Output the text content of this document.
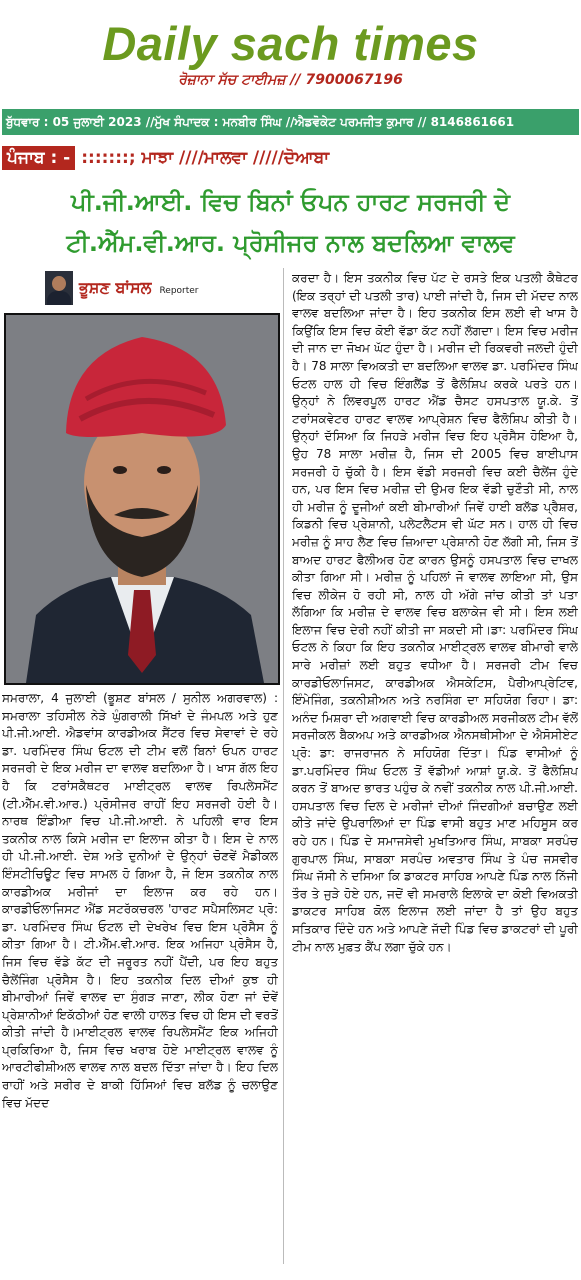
Daily sach times
ਰੋਜ਼ਾਨਾ ਸੱਚ ਟਾਈਮਜ਼ // 7900067196
ਬੁੱਧਵਾਰ : 05 ਜੁਲਾਈ 2023 //ਮੁੱਖ ਸੰਪਾਦਕ : ਮਨਬੀਰ ਸਿੰਘ //ਐਡਵੋਕੇਟ ਪਰਮਜੀਤ ਕੁਮਾਰ // 8146861661
ਪੰਜਾਬ : - :::::::; ਮਾਝਾ ////ਮਾਲਵਾ /////ਦੋਆਬਾ
ਪੀ.ਜੀ.ਆਈ. ਵਿਚ ਬਿਨਾਂ ਓਪਨ ਹਾਰਟ ਸਰਜਰੀ ਦੇ
ਟੀ.ਐੱਮ.ਵੀ.ਆਰ. ਪ੍ਰੋਸੀਜਰ ਨਾਲ ਬਦਲਿਆ ਵਾਲਵ
ਭੂਸ਼ਣ ਬਾਂਸਲ Reporter
ਸਮਰਾਲਾ, 4 ਜੁਲਾਈ (ਭੂਸ਼ਣ ਬਾਂਸਲ / ਸੁਨੀਲ ਅਗਰਵਾਲ) : ਸਮਰਾਲਾ ਤਹਿਸੀਲ ਨੇੜੇ ਘੁੰਗਰਾਲੀ ਸਿੱਖਾਂ ਦੇ ਜੰਮਪਲ ਅਤੇ ਹੁਣ ਪੀ.ਜੀ.ਆਈ. ਐਡਵਾਂਸ ਕਾਰਡੀਅਕ ਸੈਂਟਰ ਵਿਚ ਸੇਵਾਵਾਂ ਦੇ ਰਹੇ ਡਾ. ਪਰਮਿੰਦਰ ਸਿੰਘ ਓਟਲ ਦੀ ਟੀਮ ਵਲੋਂ ਬਿਨਾਂ ਓਪਨ ਹਾਰਟ ਸਰਜਰੀ ਦੇ ਇਕ ਮਰੀਜ ਦਾ ਵਾਲਵ ਬਦਲਿਆ ਹੈ। ਖਾਸ ਗੱਲ ਇਹ ਹੈ ਕਿ ਟਰਾਂਸਕੈਥਟਰ ਮਾਈਟ੍ਰਲ ਵਾਲਵ ਰਿਪਲੇਸਮੈਂਟ (ਟੀ.ਐੱਮ.ਵੀ.ਆਰ.) ਪ੍ਰੋਸੀਜਰ ਰਾਹੀਂ ਇਹ ਸਰਜਰੀ ਹੋਈ ਹੈ। ਨਾਰਥ ਇੰਡੀਆ ਵਿਚ ਪੀ.ਜੀ.ਆਈ. ਨੇ ਪਹਿਲੀ ਵਾਰ ਇਸ ਤਕਨੀਕ ਨਾਲ ਕਿਸੇ ਮਰੀਜ ਦਾ ਇਲਾਜ ਕੀਤਾ ਹੈ। ਇਸ ਦੇ ਨਾਲ ਹੀ ਪੀ.ਜੀ.ਆਈ. ਦੇਸ਼ ਅਤੇ ਦੁਨੀਆਂ ਦੇ ਉਨ੍ਹਾਂ ਚੋਣਵੇਂ ਮੈਡੀਕਲ ਇੰਸਟੀਚਿਊਟ ਵਿਚ ਸਾਮਲ ਹੋ ਗਿਆ ਹੈ, ਜੋ ਇਸ ਤਕਨੀਕ ਨਾਲ ਕਾਰਡੀਅਕ ਮਰੀਜਾਂ ਦਾ ਇਲਾਜ ਕਰ ਰਹੇ ਹਨ। ਕਾਰਡੀਓਲਾਜਿਸਟ ਐਂਡ ਸਟਰੱਕਚਰਲ 'ਹਾਰਟ ਸਪੈਸਲਿਸਟ ਪ੍ਰੋ: ਡਾ. ਪਰਮਿੰਦਰ ਸਿੰਘ ਓਟਲ ਦੀ ਦੇਖਰੇਖ ਵਿਚ ਇਸ ਪ੍ਰੋਸੈਸ ਨੂੰ ਕੀਤਾ ਗਿਆ ਹੈ। ਟੀ.ਐੱਮ.ਵੀ.ਆਰ. ਇਕ ਅਜਿਹਾ ਪ੍ਰੋਸੈਸ ਹੈ, ਜਿਸ ਵਿਚ ਵੱਡੇ ਕੱਟ ਦੀ ਜਰੂਰਤ ਨਹੀਂ ਪੈਂਦੀ, ਪਰ ਇਹ ਬਹੁਤ ਚੈਲੇਂਜਿੰਗ ਪ੍ਰੋਸੈਸ ਹੈ। ਇਹ ਤਕਨੀਕ ਦਿਲ ਦੀਆਂ ਕੁਝ ਹੀ ਬੀਮਾਰੀਆਂ ਜਿਵੇਂ ਵਾਲਵ ਦਾ ਸੁੰਗੜ ਜਾਣਾ, ਲੀਕ ਹੋਣਾ ਜਾਂ ਦੋਵੇਂ ਪ੍ਰੇਸ਼ਾਨੀਆਂ ਇਕੱਠੀਆਂ ਹੋਣ ਵਾਲੀ ਹਾਲਤ ਵਿਚ ਹੀ ਇਸ ਦੀ ਵਰਤੋਂ ਕੀਤੀ ਜਾਂਦੀ ਹੈ।ਮਾਈਟ੍ਰਲ ਵਾਲਵ ਰਿਪਲੇਸਮੈਂਟ ਇਕ ਅਜਿਹੀ ਪ੍ਰਕਿਰਿਆ ਹੈ, ਜਿਸ ਵਿਚ ਖਰਾਬ ਹੋਏ ਮਾਈਟ੍ਰਲ ਵਾਲਵ ਨੂੰ ਆਰਟੀਫੀਸ਼ੀਅਲ ਵਾਲਵ ਨਾਲ ਬਦਲ ਦਿੱਤਾ ਜਾਂਦਾ ਹੈ। ਇਹ ਦਿਲ ਰਾਹੀਂ ਅਤੇ ਸਰੀਰ ਦੇ ਬਾਕੀ ਹਿੱਸਿਆਂ ਵਿਚ ਬਲੱਡ ਨੂੰ ਚਲਾਉਣ ਵਿਚ ਮੱਦਦ
ਕਰਦਾ ਹੈ। ਇਸ ਤਕਨੀਕ ਵਿਚ ਪੱਟ ਦੇ ਰਸਤੇ ਇਕ ਪਤਲੀ ਕੈਥੇਟਰ (ਇਕ ਤਰ੍ਹਾਂ ਦੀ ਪਤਲੀ ਤਾਰ) ਪਾਈ ਜਾਂਦੀ ਹੈ, ਜਿਸ ਦੀ ਮੱਦਦ ਨਾਲ ਵਾਲਵ ਬਦਲਿਆ ਜਾਂਦਾ ਹੈ। ਇਹ ਤਕਨੀਕ ਇਸ ਲਈ ਵੀ ਖਾਸ ਹੈ ਕਿਉਂਕਿ ਇਸ ਵਿਚ ਕੋਈ ਵੱਡਾ ਕੱਟ ਨਹੀਂ ਲੱਗਦਾ। ਇਸ ਵਿਚ ਮਰੀਜ ਦੀ ਜਾਨ ਦਾ ਜੋਖਮ ਘੱਟ ਹੁੰਦਾ ਹੈ। ਮਰੀਜ ਦੀ ਰਿਕਵਰੀ ਜਲਦੀ ਹੁੰਦੀ ਹੈ। 78 ਸਾਲਾ ਵਿਅਕਤੀ ਦਾ ਬਦਲਿਆ ਵਾਲਵ ਡਾ. ਪਰਮਿੰਦਰ ਸਿੰਘ ਓਟਲ ਹਾਲ ਹੀ ਵਿਚ ਇੰਗਲੈਂਡ ਤੋਂ ਫੈਲੋਸ਼ਿਪ ਕਰਕੇ ਪਰਤੇ ਹਨ। ਉਨ੍ਹਾਂ ਨੇ ਲਿਵਰਪੂਲ ਹਾਰਟ ਐਂਡ ਚੈਸਟ ਹਸਪਤਾਲ ਯੂ.ਕੇ. ਤੋਂ ਟਰਾਂਸਕਵੇਟਰ ਹਾਰਟ ਵਾਲਵ ਆਪ੍ਰੇਸ਼ਨ ਵਿਚ ਫੈਲੋਸ਼ਿਪ ਕੀਤੀ ਹੈ। ਉਨ੍ਹਾਂ ਦੱਸਿਆ ਕਿ ਜਿਹੜੇ ਮਰੀਜ ਵਿਚ ਇਹ ਪ੍ਰੋਸੈਸ ਹੋਇਆ ਹੈ, ਉਹ 78 ਸਾਲਾ ਮਰੀਜ਼ ਹੈ, ਜਿਸ ਦੀ 2005 ਵਿਚ ਬਾਈਪਾਸ ਸਰਜਰੀ ਹੋ ਚੁੱਕੀ ਹੈ। ਇਸ ਵੱਡੀ ਸਰਜਰੀ ਵਿਚ ਕਈ ਚੈਲੇਂਜ ਹੁੰਦੇ ਹਨ, ਪਰ ਇਸ ਵਿਚ ਮਰੀਜ਼ ਦੀ ਉਮਰ ਇਕ ਵੱਡੀ ਚੁਣੌਤੀ ਸੀ, ਨਾਲ ਹੀ ਮਰੀਜ਼ ਨੂੰ ਦੂਜੀਆਂ ਕਈ ਬੀਮਾਰੀਆਂ ਜਿਵੇਂ ਹਾਈ ਬਲੱਡ ਪ੍ਰੈਸ਼ਰ, ਕਿਡਨੀ ਵਿਚ ਪ੍ਰੇਸ਼ਾਨੀ, ਪਲੇਟਲੈਟਸ ਵੀ ਘੱਟ ਸਨ। ਹਾਲ ਹੀ ਵਿਚ ਮਰੀਜ਼ ਨੂੰ ਸਾਹ ਲੈਣ ਵਿਚ ਜ਼ਿਆਦਾ ਪ੍ਰੇਸ਼ਾਨੀ ਹੋਣ ਲੱਗੀ ਸੀ, ਜਿਸ ਤੋਂ ਬਾਅਦ ਹਾਰਟ ਫੈਲੀਅਰ ਹੋਣ ਕਾਰਨ ਉਸਨੂੰ ਹਸਪਤਾਲ ਵਿਚ ਦਾਖਲ ਕੀਤਾ ਗਿਆ ਸੀ। ਮਰੀਜ਼ ਨੂੰ ਪਹਿਲਾਂ ਜੋ ਵਾਲਵ ਲਾਇਆ ਸੀ, ਉਸ ਵਿਚ ਲੀਕੇਜ ਹੋ ਰਹੀ ਸੀ, ਨਾਲ ਹੀ ਅੱਗੇ ਜਾਂਚ ਕੀਤੀ ਤਾਂ ਪਤਾ ਲੱਗਿਆ ਕਿ ਮਰੀਜ਼ ਦੇ ਵਾਲਵ ਵਿਚ ਬਲਾਕੇਜ ਵੀ ਸੀ। ਇਸ ਲਈ ਇਲਾਜ ਵਿਚ ਦੇਰੀ ਨਹੀਂ ਕੀਤੀ ਜਾ ਸਕਦੀ ਸੀ।ਡਾ: ਪਰਮਿੰਦਰ ਸਿੰਘ ਓਟਲ ਨੇ ਕਿਹਾ ਕਿ ਇਹ ਤਕਨੀਕ ਮਾਈਟ੍ਰਲ ਵਾਲਵ ਬੀਮਾਰੀ ਵਾਲੇ ਸਾਰੇ ਮਰੀਜ਼ਾਂ ਲਈ ਬਹੁਤ ਵਧੀਆ ਹੈ। ਸਰਜਰੀ ਟੀਮ ਵਿਚ ਕਾਰਡੀਓਲਾਜਿਸਟ, ਕਾਰਡੀਅਕ ਐਸਕੇਟਿਸ, ਪੈਰੀਆਪ੍ਰੇਟਿਵ, ਇੰਮੇਜਿੰਗ, ਤਕਨੀਸ਼ੀਅਨ ਅਤੇ ਨਰਸਿੰਗ ਦਾ ਸਹਿਯੋਗ ਰਿਹਾ। ਡਾ: ਅਨੰਦ ਮਿਸ਼ਰਾ ਦੀ ਅਗਵਾਈ ਵਿਚ ਕਾਰਡੀਅਲ ਸਰਜੀਕਲ ਟੀਮ ਵੱਲੋਂ ਸਰਜੀਕਲ ਬੈਕਅਪ ਅਤੇ ਕਾਰਡੀਅਕ ਐਨਸਥੀਸੀਆ ਦੇ ਐਸੋਸੀਏਟ ਪ੍ਰੋ: ਡਾ: ਰਾਜਰਾਜਨ ਨੇ ਸਹਿਯੋਗ ਦਿੱਤਾ। ਪਿੰਡ ਵਾਸੀਆਂ ਨੂੰ ਡਾ.ਪਰਮਿੰਦਰ ਸਿੰਘ ਓਟਲ ਤੋਂ ਵੱਡੀਆਂ ਆਸ਼ਾਂ ਯੂ.ਕੇ. ਤੋਂ ਫੈਲੋਸ਼ਿਪ ਕਰਨ ਤੋਂ ਬਾਅਦ ਭਾਰਤ ਪਹੁੰਚ ਕੇ ਨਵੀਂ ਤਕਨੀਕ ਨਾਲ ਪੀ.ਜੀ.ਆਈ. ਹਸਪਤਾਲ ਵਿਚ ਦਿਲ ਦੇ ਮਰੀਜਾਂ ਦੀਆਂ ਜਿੰਦਗੀਆਂ ਬਚਾਉਣ ਲਈ ਕੀਤੇ ਜਾਂਦੇ ਉਪਰਾਲਿਆਂ ਦਾ ਪਿੰਡ ਵਾਸੀ ਬਹੁਤ ਮਾਣ ਮਹਿਸੂਸ ਕਰ ਰਹੇ ਹਨ। ਪਿੰਡ ਦੇ ਸਮਾਜਸੇਵੀ ਮੁਖਤਿਆਰ ਸਿੰਘ, ਸਾਬਕਾ ਸਰਪੰਚ ਗੁਰਪਾਲ ਸਿੰਘ, ਸਾਬਕਾ ਸਰਪੰਚ ਅਵਤਾਰ ਸਿੰਘ ਤੇ ਪੰਚ ਜਸਵੀਰ ਸਿੰਘ ਜੱਸੀ ਨੇ ਦਸਿਆ ਕਿ ਡਾਕਟਰ ਸਾਹਿਬ ਆਪਣੇ ਪਿੰਡ ਨਾਲ ਨਿੱਜੀ ਤੌਰ ਤੇ ਜੁੜੇ ਹੋਏ ਹਨ, ਜਦੋਂ ਵੀ ਸਮਰਾਲੇ ਇਲਾਕੇ ਦਾ ਕੋਈ ਵਿਅਕਤੀ ਡਾਕਟਰ ਸਾਹਿਬ ਕੋਲ ਇਲਾਜ ਲਈ ਜਾਂਦਾ ਹੈ ਤਾਂ ਉਹ ਬਹੁਤ ਸਤਿਕਾਰ ਦਿੰਦੇ ਹਨ ਅਤੇ ਆਪਣੇ ਜੱਦੀ ਪਿੰਡ ਵਿਚ ਡਾਕਟਰਾਂ ਦੀ ਪੂਰੀ ਟੀਮ ਨਾਲ ਮੁਫ਼ਤ ਕੈਂਪ ਲਗਾ ਚੁੱਕੇ ਹਨ।
